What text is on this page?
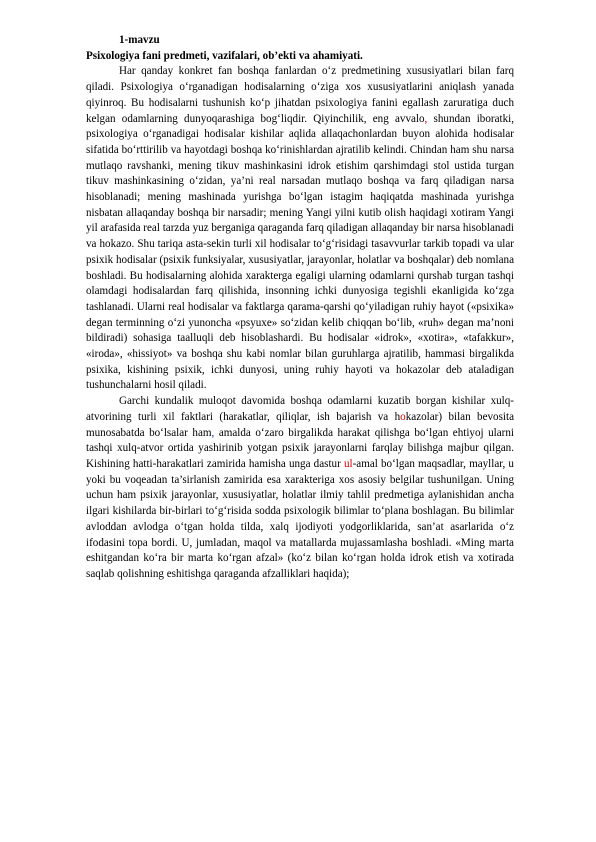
1-mavzu

Psixologiya fani predmeti, vazifalari, ob’ekti va ahamiyati.

Har qanday konkret fan boshqa fanlardan o‘z predmetining xususiyatlari bilan farq qiladi. Psixologiya o‘rganadigan hodisalarning o‘ziga xos xususiyatlarini aniqlash yanada qiyinroq. Bu hodisalarni tushunish ko‘p jihatdan psixologiya fanini egallash zaruratiga duch kelgan odamlarning dunyoqarashiga bog‘liqdir. Qiyinchilik, eng avvalo, shundan iboratki, psixologiya o‘rganadigai hodisalar kishilar aqlida allaqachonlardan buyon alohida hodisalar sifatida bo‘rttirilib va hayotdagi boshqa ko‘rinishlardan ajratilib kelindi. Chindan ham shu narsa mutlaqo ravshanki, mening tikuv mashinkasini idrok etishim qarshimdagi stol ustida turgan tikuv mashinkasining o‘zidan, ya’ni real narsadan mutlaqo boshqa va farq qiladigan narsa hisoblanadi; mening mashinada yurishga bo‘lgan istagim haqiqatda mashinada yurishga nisbatan allaqanday boshqa bir narsadir; mening Yangi yilni kutib olish haqidagi xotiram Yangi yil arafasida real tarzda yuz berganiga qaraganda farq qiladigan allaqanday bir narsa hisoblanadi va hokazo. Shu tariqa asta-sekin turli xil hodisalar to‘g‘risidagi tasavvurlar tarkib topadi va ular psixik hodisalar (psixik funksiyalar, xususiyatlar, jarayonlar, holatlar va boshqalar) deb nomlana boshladi. Bu hodisalarning alohida xarakterga egaligi ularning odamlarni qurshab turgan tashqi olamdagi hodisalardan farq qilishida, insonning ichki dunyosiga tegishli ekanligida ko‘zga tashlanadi. Ularni real hodisalar va faktlarga qarama-qarshi qo‘yiladigan ruhiy hayot («psixika» degan terminning o‘zi yunoncha «psyuxe» so‘zidan kelib chiqqan bo‘lib, «ruh» degan ma’noni bildiradi) sohasiga taalluqli deb hisoblashardi. Bu hodisalar «idrok», «xotira», «tafakkur», «iroda», «hissiyot» va boshqa shu kabi nomlar bilan guruhlarga ajratilib, hammasi birgalikda psixika, kishining psixik, ichki dunyosi, uning ruhiy hayoti va hokazolar deb ataladigan tushunchalarni hosil qiladi.

Garchi kundalik muloqot davomida boshqa odamlarni kuzatib borgan kishilar xulq-atvorining turli xil faktlari (harakatlar, qiliqlar, ish bajarish va hokazolar) bilan bevosita munosabatda bo‘lsalar ham, amalda o‘zaro birgalikda harakat qilishga bo‘lgan ehtiyoj ularni tashqi xulq-atvor ortida yashirinib yotgan psixik jarayonlarni farqlay bilishga majbur qilgan. Kishining hatti-harakatlari zamirida hamisha unga dastur ul-amal bo‘lgan maqsadlar, mayllar, u yoki bu voqeadan ta’sirlanish zamirida esa xarakteriga xos asosiy belgilar tushunilgan. Uning uchun ham psixik jarayonlar, xususiyatlar, holatlar ilmiy tahlil predmetiga aylanishidan ancha ilgari kishilarda bir-birlari to‘g‘risida sodda psixologik bilimlar to‘plana boshlagan. Bu bilimlar avloddan avlodga o‘tgan holda tilda, xalq ijodiyoti yodgorliklarida, san’at asarlarida o‘z ifodasini topa bordi. U, jumladan, maqol va matallarda mujassamlasha boshladi. «Ming marta eshitgandan ko‘ra bir marta ko‘rgan afzal» (ko‘z bilan ko‘rgan holda idrok etish va xotirada saqlab qolishning eshitishga qaraganda afzalliklari haqida);
